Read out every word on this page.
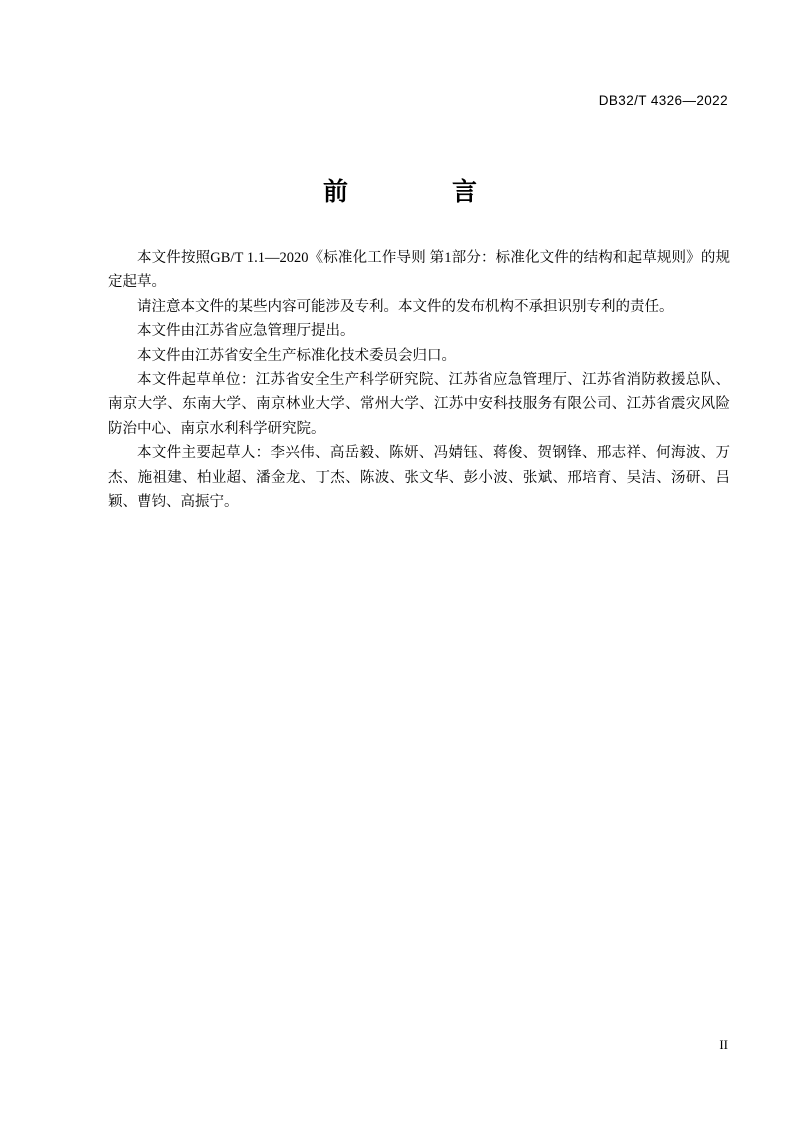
DB32/T 4326—2022
前　　言

本文件按照GB/T 1.1—2020《标准化工作导则 第1部分：标准化文件的结构和起草规则》的规定起草。

请注意本文件的某些内容可能涉及专利。本文件的发布机构不承担识别专利的责任。

本文件由江苏省应急管理厅提出。

本文件由江苏省安全生产标准化技术委员会归口。

本文件起草单位：江苏省安全生产科学研究院、江苏省应急管理厅、江苏省消防救援总队、南京大学、东南大学、南京林业大学、常州大学、江苏中安科技服务有限公司、江苏省震灾风险防治中心、南京水利科学研究院。

本文件主要起草人：李兴伟、高岳毅、陈妍、冯婧钰、蒋俊、贺钢锋、邢志祥、何海波、万杰、施祖建、柏业超、潘金龙、丁杰、陈波、张文华、彭小波、张斌、邢培育、吴洁、汤研、吕颖、曹钧、高振宁。

II
